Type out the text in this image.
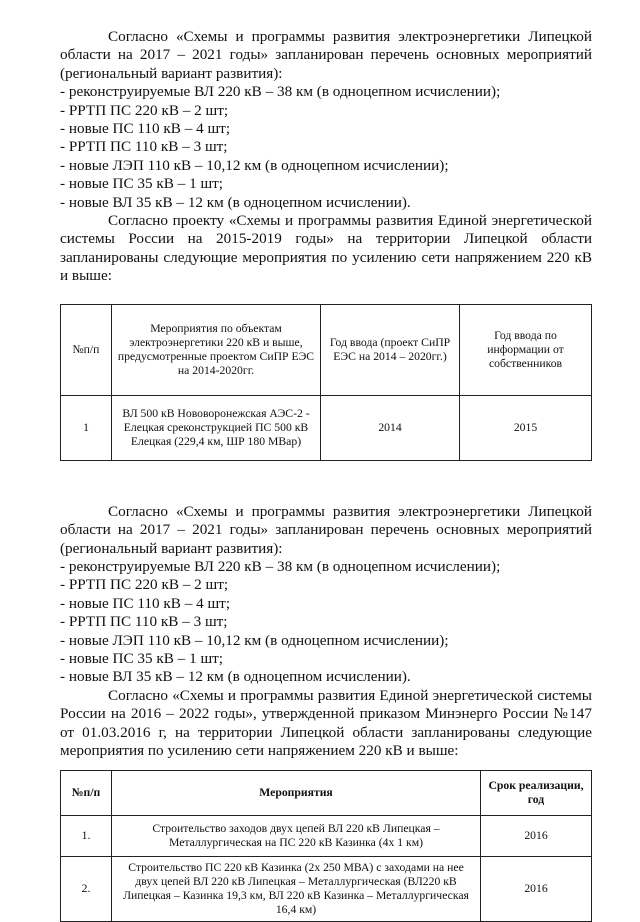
Согласно «Схемы и программы развития электроэнергетики Липецкой области на 2017 – 2021 годы» запланирован перечень основных мероприятий (региональный вариант развития):

- реконструируемые ВЛ 220 кВ – 38 км (в одноцепном исчислении);
- РРТП ПС 220 кВ – 2 шт;
- новые ПС 110 кВ – 4 шт;
- РРТП ПС 110 кВ – 3 шт;
- новые ЛЭП 110 кВ – 10,12 км (в одноцепном исчислении);
- новые ПС 35 кВ – 1 шт;
- новые ВЛ 35 кВ – 12 км (в одноцепном исчислении).

Согласно проекту «Схемы и программы развития Единой энергетической системы России на 2015-2019 годы» на территории Липецкой области запланированы следующие мероприятия по усилению сети напряжением 220 кВ и выше:

№п/п	Мероприятия по объектам электроэнергетики 220 кВ и выше, предусмотренные проектом СиПР ЕЭС на 2014-2020гг.	Год ввода (проект СиПР ЕЭС на 2014 – 2020гг.)	Год ввода по информации от собственников
1	ВЛ 500 кВ Нововоронежская АЭС-2 - Елецкая среконструкцией ПС 500 кВ Елецкая (229,4 км, ШР 180 МВар)	2014	2015

Согласно «Схемы и программы развития электроэнергетики Липецкой области на 2017 – 2021 годы» запланирован перечень основных мероприятий (региональный вариант развития):

- реконструируемые ВЛ 220 кВ – 38 км (в одноцепном исчислении);
- РРТП ПС 220 кВ – 2 шт;
- новые ПС 110 кВ – 4 шт;
- РРТП ПС 110 кВ – 3 шт;
- новые ЛЭП 110 кВ – 10,12 км (в одноцепном исчислении);
- новые ПС 35 кВ – 1 шт;
- новые ВЛ 35 кВ – 12 км (в одноцепном исчислении).

Согласно «Схемы и программы развития Единой энергетической системы России на 2016 – 2022 годы», утвержденной приказом Минэнерго России №147 от 01.03.2016 г, на территории Липецкой области запланированы следующие мероприятия по усилению сети напряжением 220 кВ и выше:

№п/п	Мероприятия	Срок реализации, год
1.	Строительство заходов двух цепей ВЛ 220 кВ Липецкая – Металлургическая на ПС 220 кВ Казинка (4х 1 км)	2016
2.	Строительство ПС 220 кВ Казинка (2х 250 МВА) с заходами на нее двух цепей ВЛ 220 кВ Липецкая – Металлургическая (ВЛ220 кВ Липецкая – Казинка 19,3 км, ВЛ 220 кВ Казинка – Металлургическая 16,4 км)	2016
